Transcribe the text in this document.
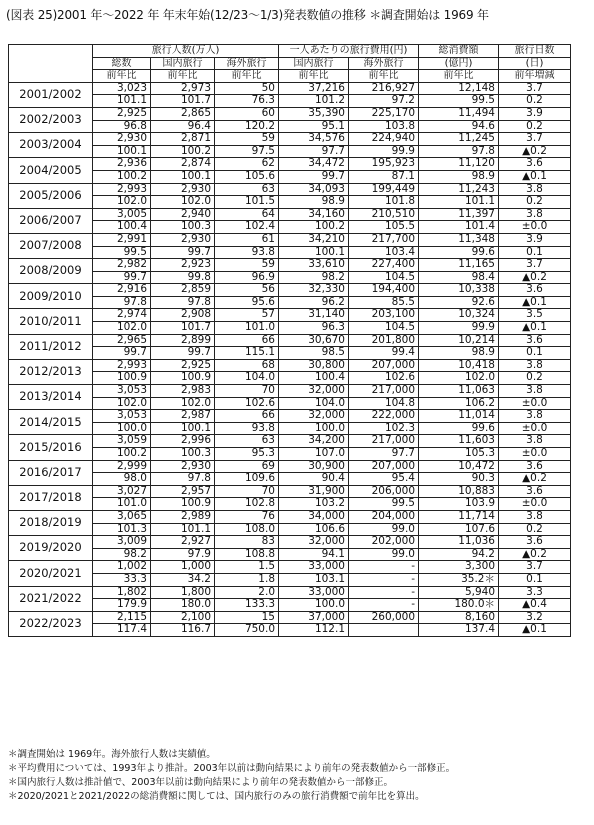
(図表 25)2001 年〜2022 年 年末年始(12/23〜1/3)発表数値の推移 ＊調査開始は 1969 年
	旅行人数(万人)			一人あたりの旅行費用(円)		総消費額	旅行日数
	総数	国内旅行	海外旅行	国内旅行	海外旅行	(億円)	(日)
	前年比	前年比	前年比	前年比	前年比	前年比	前年増減
2001/2002	3,023	2,973	50	37,216	216,927	12,148	3.7
	101.1	101.7	76.3	101.2	97.2	99.5	0.2
2002/2003	2,925	2,865	60	35,390	225,170	11,494	3.9
	96.8	96.4	120.2	95.1	103.8	94.6	0.2
2003/2004	2,930	2,871	59	34,576	224,940	11,245	3.7
	100.1	100.2	97.5	97.7	99.9	97.8	▲0.2
2004/2005	2,936	2,874	62	34,472	195,923	11,120	3.6
	100.2	100.1	105.6	99.7	87.1	98.9	▲0.1
2005/2006	2,993	2,930	63	34,093	199,449	11,243	3.8
	102.0	102.0	101.5	98.9	101.8	101.1	0.2
2006/2007	3,005	2,940	64	34,160	210,510	11,397	3.8
	100.4	100.3	102.4	100.2	105.5	101.4	±0.0
2007/2008	2,991	2,930	61	34,210	217,700	11,348	3.9
	99.5	99.7	93.8	100.1	103.4	99.6	0.1
2008/2009	2,982	2,923	59	33,610	227,400	11,165	3.7
	99.7	99.8	96.9	98.2	104.5	98.4	▲0.2
2009/2010	2,916	2,859	56	32,330	194,400	10,338	3.6
	97.8	97.8	95.6	96.2	85.5	92.6	▲0.1
2010/2011	2,974	2,908	57	31,140	203,100	10,324	3.5
	102.0	101.7	101.0	96.3	104.5	99.9	▲0.1
2011/2012	2,965	2,899	66	30,670	201,800	10,214	3.6
	99.7	99.7	115.1	98.5	99.4	98.9	0.1
2012/2013	2,993	2,925	68	30,800	207,000	10,418	3.8
	100.9	100.9	104.0	100.4	102.6	102.0	0.2
2013/2014	3,053	2,983	70	32,000	217,000	11,063	3.8
	102.0	102.0	102.6	104.0	104.8	106.2	±0.0
2014/2015	3,053	2,987	66	32,000	222,000	11,014	3.8
	100.0	100.1	93.8	100.0	102.3	99.6	±0.0
2015/2016	3,059	2,996	63	34,200	217,000	11,603	3.8
	100.2	100.3	95.3	107.0	97.7	105.3	±0.0
2016/2017	2,999	2,930	69	30,900	207,000	10,472	3.6
	98.0	97.8	109.6	90.4	95.4	90.3	▲0.2
2017/2018	3,027	2,957	70	31,900	206,000	10,883	3.6
	101.0	100.9	102.8	103.2	99.5	103.9	±0.0
2018/2019	3,065	2,989	76	34,000	204,000	11,714	3.8
	101.3	101.1	108.0	106.6	99.0	107.6	0.2
2019/2020	3,009	2,927	83	32,000	202,000	11,036	3.6
	98.2	97.9	108.8	94.1	99.0	94.2	▲0.2
2020/2021	1,002	1,000	1.5	33,000	-	3,300	3.7
	33.3	34.2	1.8	103.1	-	35.2＊	0.1
2021/2022	1,802	1,800	2.0	33,000	-	5,940	3.3
	179.9	180.0	133.3	100.0	-	180.0＊	▲0.4
2022/2023	2,115	2,100	15	37,000	260,000	8,160	3.2
	117.4	116.7	750.0	112.1		137.4	▲0.1
＊調査開始は 1969年。海外旅行人数は実績値。
＊平均費用については、1993年より推計。2003年以前は動向結果により前年の発表数値から一部修正。
＊国内旅行人数は推計値で、2003年以前は動向結果により前年の発表数値から一部修正。
＊2020/2021と2021/2022の総消費額に関しては、国内旅行のみの旅行消費額で前年比を算出。
